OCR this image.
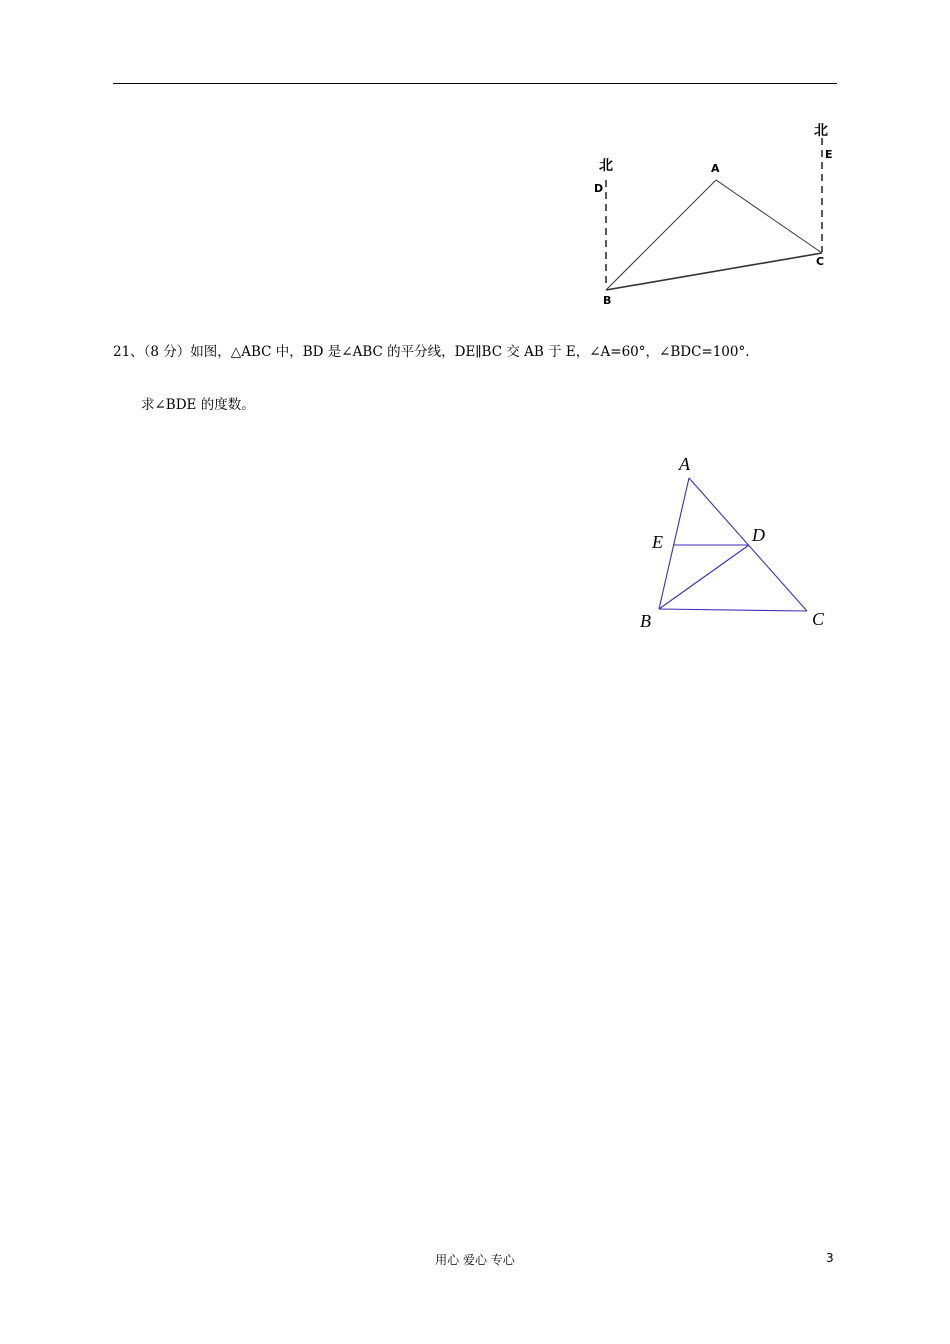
北
北
D
E
A
B
C
21、（8 分）如图，△ABC 中，BD 是∠ABC 的平分线，DE∥BC 交 AB 于 E，∠A=60°，∠BDC=100°.
求∠BDE 的度数。
A
E	D
B	C
用心 爱心 专心	3
